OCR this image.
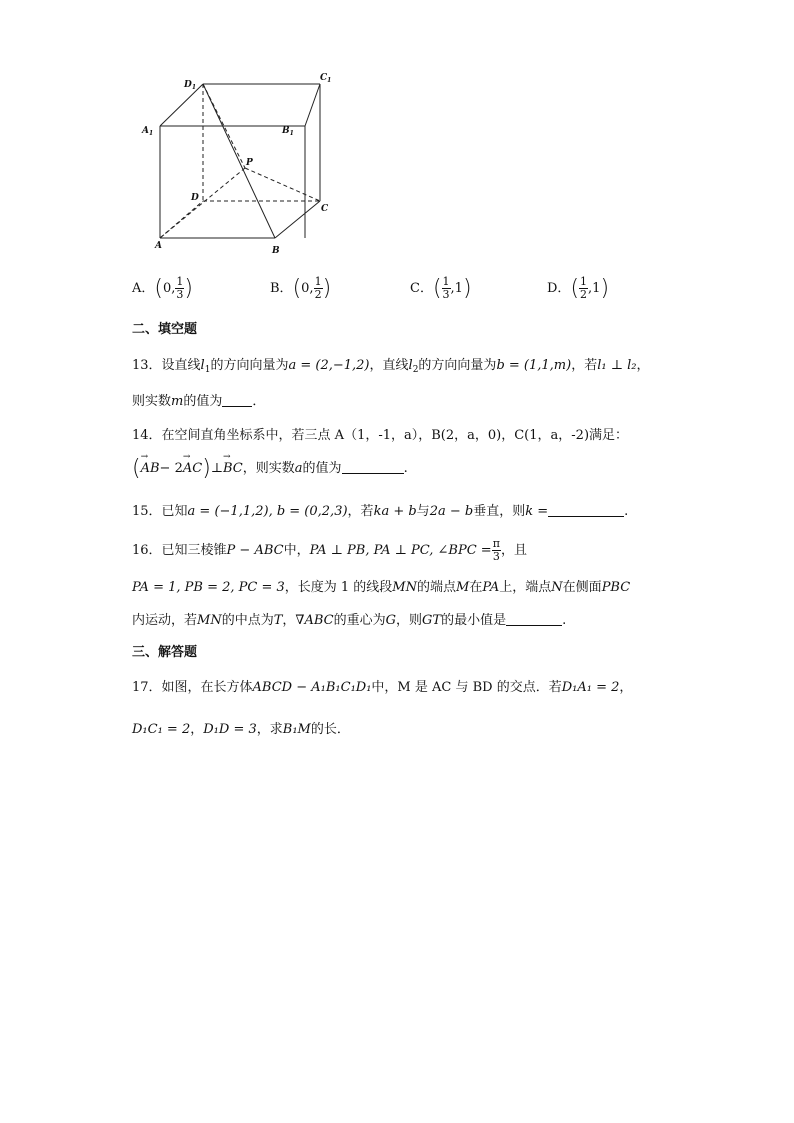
$D_1$
$C_1$
$A_1$	$B_1$
P
D
C
A	B
A．(0, $\frac{1}{3}$ )	B．(0, $\frac{1}{2}$ )	C．( $\frac{1}{3} ,1$)	D．( $\frac{1}{2} ,1$)
二、填空题
13．设直线$l_1$的方向向量为a = (2,−1,2)，直线$l_2$的方向向量为b = (1,1,m)，若l₁ ⊥ l₂，
则实数m的值为 ．
14．在空间直角坐标系中，若三点 A（1，-1，a），B(2，a，0)，C(1，a，-2)满足：
(→ AB− 2→ AC)⊥→ BC，则实数a的值为	.
15．已知a = (−1,1,2), b = (0,2,3)，若ka + b与2a − b垂直，则k =	.
16．已知三棱锥P − ABC中，PA ⊥ PB, PA ⊥ PC, ∠BPC = $\frac{\pi}{3}$ ，且
PA = 1, PB = 2, PC = 3，长度为 1 的线段MN的端点M在PA上，端点N在侧面PBC
内运动，若MN的中点为T，∇ABC的重心为G，则GT的最小值是	.
三、解答题
17．如图，在长方体ABCD − A₁B₁C₁D₁中，M 是 AC 与 BD 的交点．若D₁A₁ = 2，
D₁C₁ = 2，D₁D = 3，求B₁M的长．
